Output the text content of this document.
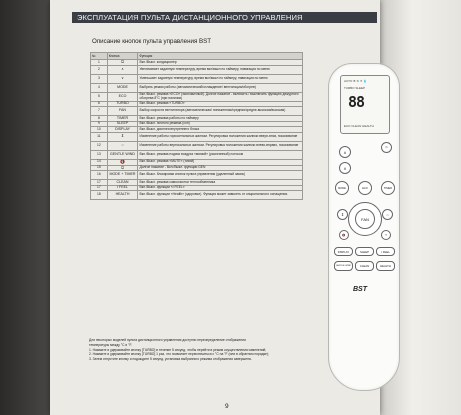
ЭКСПЛУАТАЦИЯ ПУЛЬТА ДИСТАНЦИОННОГО УПРАВЛЕНИЯ
Описание кнопок пульта управления BST
№	Кнопка	Функция
1	⏻	Вкл./Выкл. кондиционер
2	∧	Увеличивает заданную температуру, время вкл/выкл по таймеру, навигация по меню
3	∨	Уменьшает заданную температуру, время вкл/выкл по таймеру, навигация по меню
4	MODE	Выбрать режим работы (автоматический/охлаждение/ вентиляция/обогрев)
5	ECO	Вкл./Выкл. режима «ECO» (экономичный). Долгое нажатие - включить / выключить функцию дежурного обогрева 8°C (при наличии)
6	TURBO	Вкл./Выкл. режима «TURBO»
7	FAN	Выбор скорости вентилятора (автоматическая/ пониженная/средняя/средне-высокая/высокая)
8	TIMER	Вкл./Выкл. режима работы по таймеру
9	SLEEP	Вкл./Выкл. ночного режима (сон)
10	DISPLAY	Вкл./Выкл. дисплея внутреннего блока
11	⇕	Изменение работы горизонтальных жалюзи. Регулировка положения жалюзи вверх-вниз, покачивание
12	⇔	Изменение работы вертикальных жалюзи. Регулировка положения жалюзи влево-вправо, покачивание
13	GENTLE WIND	Вкл./Выкл. режима подачи воздуха «мягкий» (рассеянный) потоком
14	🔇	Вкл./Выкл. режима «MUTE» (тихий)
15	⏻	Долгое нажатие - Вкл./Выкл. функции GEN
16	MODE + TIMER	Вкл./Выкл. блокировки кнопок пульта управления (удаленный замок)
17	CLEAN	Вкл./Выкл. режима самоочистки теплообменника
17	I FEEL	Вкл./Выкл. функции «I FEEL»
18	HEALTH	Вкл./Выкл. функции «Health» (здоровье). Функция может зависеть от опционального оснащения.
AUTO ❄ ≋ ☀ 💧
TURBO SLEEP
88
ECO CLEAN HEALTH
⏻
∧
∨
MODE	ECO	TIMER
⇕	⇔
FAN
🔇	T
DISPLAY	SLEEP	I FEEL
GENTLE WIND	CLEAN	HEALTH
BST

Для некоторых моделей пульта дистанционного управления доступно переопределение отображения

температуры между °С и °F.

1. Нажмите и удерживайте кнопку [TURBO] в течение 5 секунд, чтобы перейти в режим осуществления изменений;

2. Нажмите и удерживайте кнопку [TURBO] 1 раз, что позволяет переключиться с °С на °F (или в обратном порядке);

3. Затем отпустите кнопку и подождите 5 секунд, установка выбранного режима отображения завершена.

9
